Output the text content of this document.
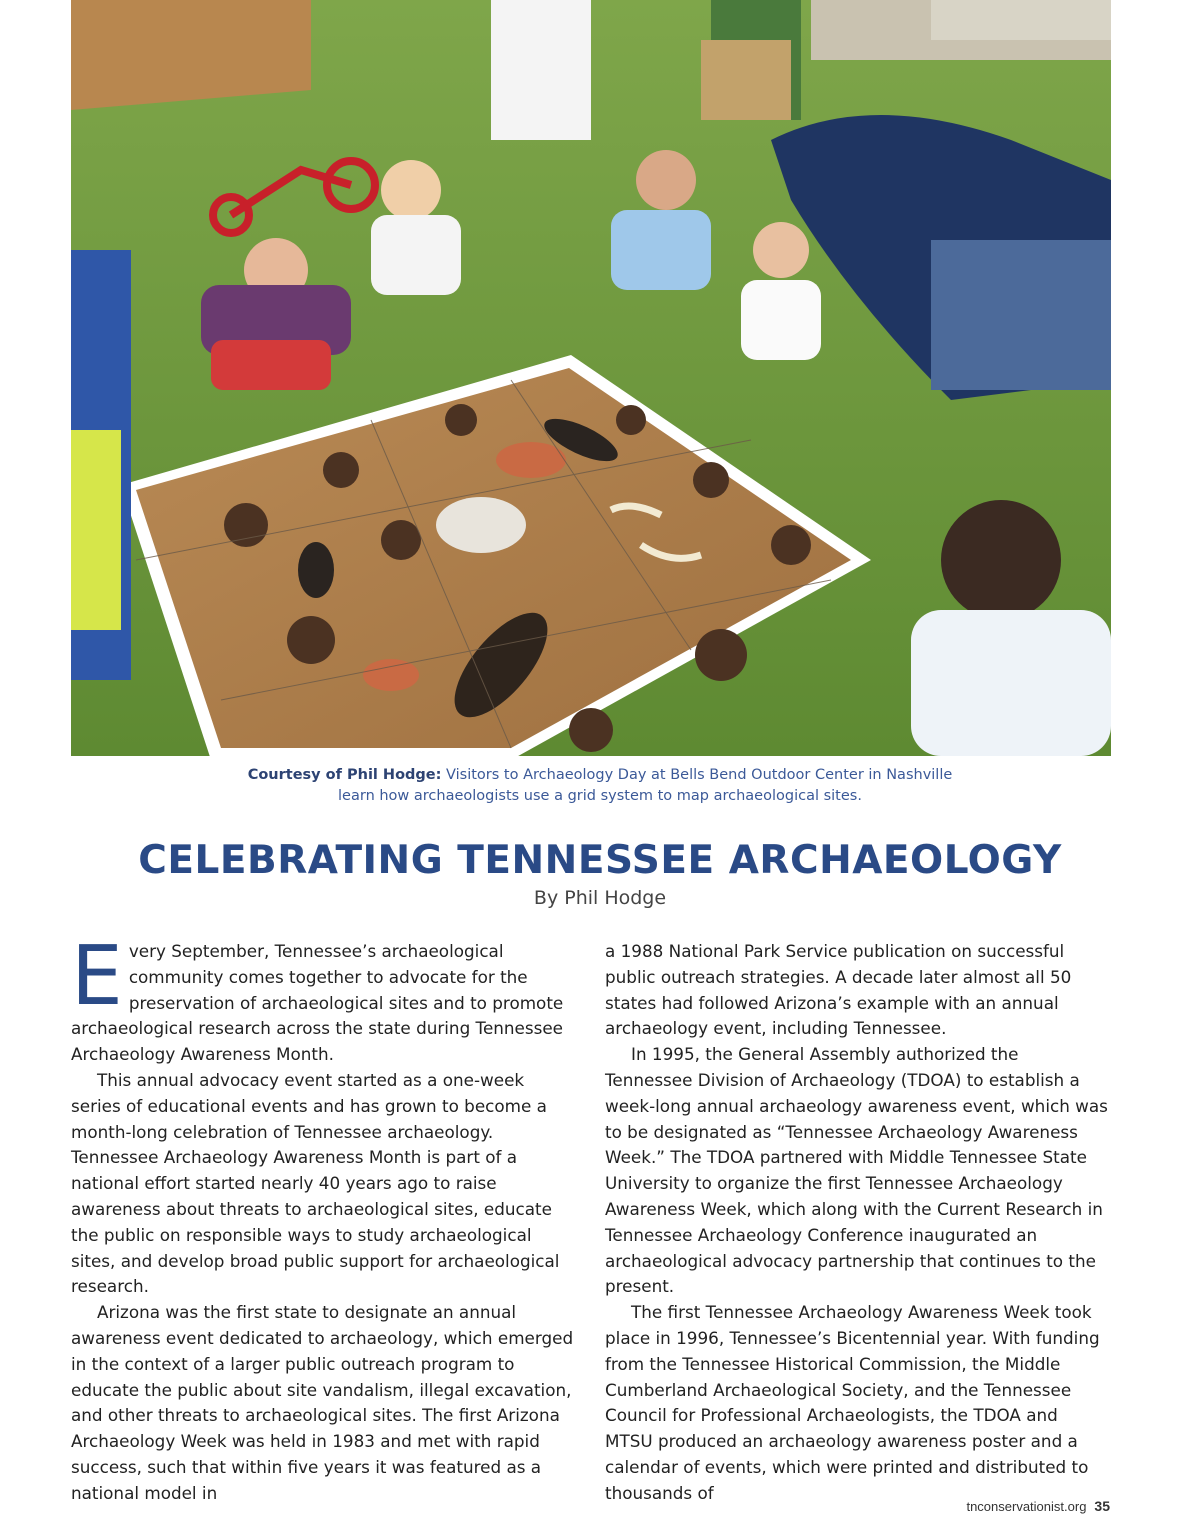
Courtesy of Phil Hodge: Visitors to Archaeology Day at Bells Bend Outdoor Center in Nashville
learn how archaeologists use a grid system to map archaeological sites.
CELEBRATING TENNESSEE ARCHAEOLOGY
By Phil Hodge

Every September, Tennessee’s archaeological community comes together to advocate for the preservation of archaeological sites and to promote archaeological research across the state during Tennessee Archaeology Awareness Month.

This annual advocacy event started as a one-week series of educational events and has grown to become a month-long celebration of Tennessee archaeology. Tennessee Archaeology Awareness Month is part of a national effort started nearly 40 years ago to raise awareness about threats to archaeological sites, educate the public on responsible ways to study archaeological sites, and develop broad public support for archaeological research.

Arizona was the first state to designate an annual awareness event dedicated to archaeology, which emerged in the context of a larger public outreach program to educate the public about site vandalism, illegal excavation, and other threats to archaeological sites. The first Arizona Archaeology Week was held in 1983 and met with rapid success, such that within five years it was featured as a national model in

a 1988 National Park Service publication on successful public outreach strategies. A decade later almost all 50 states had followed Arizona’s example with an annual archaeology event, including Tennessee.

In 1995, the General Assembly authorized the Tennessee Division of Archaeology (TDOA) to establish a week-long annual archaeology awareness event, which was to be designated as “Tennessee Archaeology Awareness Week.” The TDOA partnered with Middle Tennessee State University to organize the first Tennessee Archaeology Awareness Week, which along with the Current Research in Tennessee Archaeology Conference inaugurated an archaeological advocacy partnership that continues to the present.

The first Tennessee Archaeology Awareness Week took place in 1996, Tennessee’s Bicentennial year. With funding from the Tennessee Historical Commission, the Middle Cumberland Archaeological Society, and the Tennessee Council for Professional Archaeologists, the TDOA and MTSU produced an archaeology awareness poster and a calendar of events, which were printed and distributed to thousands of

tnconservationist.org 35
